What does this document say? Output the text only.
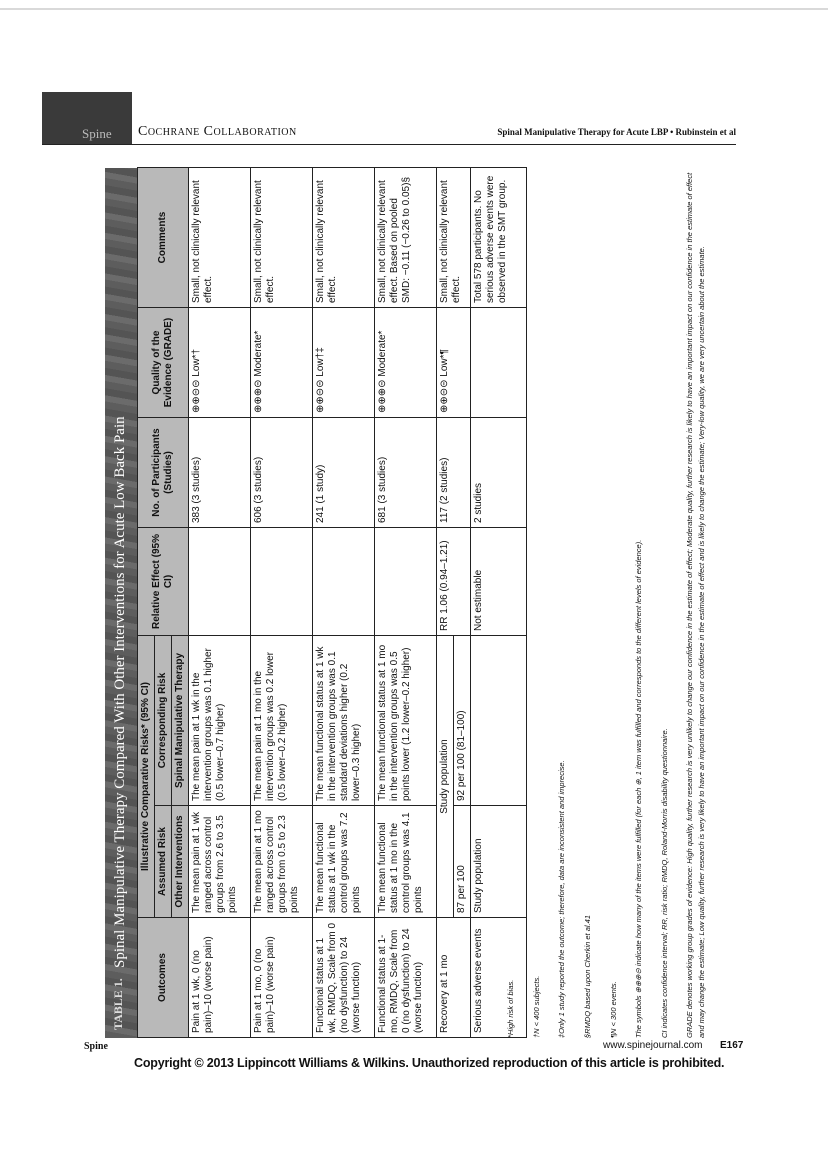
Spine Cochrane Collaboration	Spinal Manipulative Therapy for Acute LBP • Rubinstein et al
TABLE 1.
Spinal Manipulative Therapy Compared With Other Interventions for Acute Low Back Pain
Outcomes	Illustrative Comparative Risks* (95% CI)		Relative Effect (95% CI)	No. of Participants (Studies)	Quality of the Evidence (GRADE)	Comments
	Assumed Risk	Corresponding Risk				
	Other Interventions	Spinal Manipulative Therapy				
Pain at 1 wk, 0 (no pain)–10 (worse pain)	The mean pain at 1 wk ranged across control groups from 2.6 to 3.5 points	The mean pain at 1 wk in the intervention groups was 0.1 higher (0.5 lower–0.7 higher)		383 (3 studies)	⊕⊕⊝⊝ Low*†	Small, not clinically relevant effect.
Pain at 1 mo, 0 (no pain)–10 (worse pain)	The mean pain at 1 mo ranged across control groups from 0.5 to 2.3 points	The mean pain at 1 mo in the intervention groups was 0.2 lower (0.5 lower–0.2 higher)		606 (3 studies)	⊕⊕⊕⊝ Moderate*	Small, not clinically relevant effect.
Functional status at 1 wk, RMDQ, Scale from 0 (no dysfunction) to 24 (worse function)	The mean functional status at 1 wk in the control groups was 7.2 points	The mean functional status at 1 wk in the intervention groups was 0.1 standard deviations higher (0.2 lower–0.3 higher)		241 (1 study)	⊕⊕⊝⊝ Low†‡	Small, not clinically relevant effect.
Functional status at 1-mo, RMDQ, Scale from 0 (no dysfunction) to 24 (worse function)	The mean functional status at 1 mo in the control groups was 4.1 points	The mean functional status at 1 mo in the intervention groups was 0.5 points lower (1.2 lower–0.2 higher)		681 (3 studies)	⊕⊕⊕⊝ Moderate*	Small, not clinically relevant effect. Based on pooled SMD: −0.11 (−0.26 to 0.05)§
Recovery at 1 mo	Study population		RR 1.06 (0.94–1.21)	117 (2 studies)	⊕⊕⊝⊝ Low*¶	Small, not clinically relevant effect.
	87 per 100	92 per 100 (81–100)				
Serious adverse events	Study population		Not estimable	2 studies		Total 578 participants. No serious adverse events were observed in the SMT group.

*High risk of bias. †N < 400 subjects. ‡Only 1 study reported the outcome; therefore, data are inconsistent and imprecise. §RMDQ based upon Cherkin et al.41 ¶N < 300 events. The symbols ⊕⊕⊕⊝ indicate how many of the items were fulfilled (for each ⊕, 1 item was fulfilled and corresponds to the different levels of evidence). CI indicates confidence interval; RR, risk ratio; RMDQ, Roland-Morris disability questionnaire. GRADE denotes working group grades of evidence: High quality, further research is very unlikely to change our confidence in the estimate of effect; Moderate quality, further research is likely to have an important impact on our confidence in the estimate of effect and may change the estimate; Low quality, further research is very likely to have an important impact on our confidence in the estimate of effect and is likely to change the estimate; Very-low quality, we are very uncertain about the estimate.

Spine	www.spinejournal.com E167
Copyright © 2013 Lippincott Williams & Wilkins. Unauthorized reproduction of this article is prohibited.
